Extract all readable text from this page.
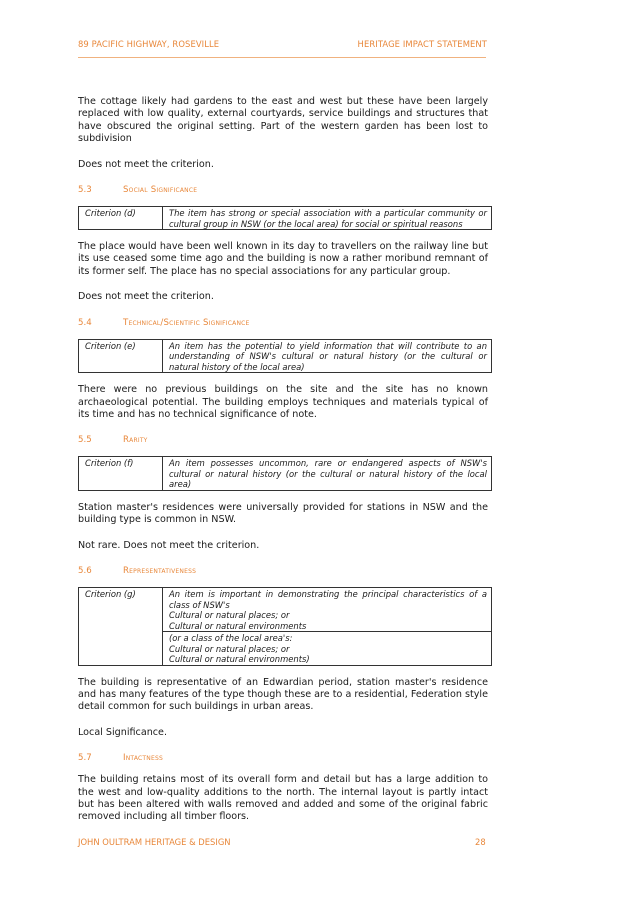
89 PACIFIC HIGHWAY, ROSEVILLE	HERITAGE IMPACT STATEMENT

The cottage likely had gardens to the east and west but these have been largely replaced with low quality, external courtyards, service buildings and structures that have obscured the original setting. Part of the western garden has been lost to subdivision

Does not meet the criterion.

5.3	Social Significance
Criterion (d)	The item has strong or special association with a particular community or cultural group in NSW (or the local area) for social or spiritual reasons

The place would have been well known in its day to travellers on the railway line but its use ceased some time ago and the building is now a rather moribund remnant of its former self. The place has no special associations for any particular group.

Does not meet the criterion.

5.4	Technical/Scientific Significance
Criterion (e)	An item has the potential to yield information that will contribute to an understanding of NSW's cultural or natural history (or the cultural or natural history of the local area)

There were no previous buildings on the site and the site has no known archaeological potential. The building employs techniques and materials typical of its time and has no technical significance of note.

5.5	Rarity
Criterion (f)	An item possesses uncommon, rare or endangered aspects of NSW's cultural or natural history (or the cultural or natural history of the local area)

Station master's residences were universally provided for stations in NSW and the building type is common in NSW.

Not rare. Does not meet the criterion.

5.6	Representativeness
Criterion (g)	An item is important in demonstrating the principal characteristics of a class of NSW's
Cultural or natural places; or
Cultural or natural environments

(or a class of the local area's:
Cultural or natural places; or
Cultural or natural environments)

The building is representative of an Edwardian period, station master's residence and has many features of the type though these are to a residential, Federation style detail common for such buildings in urban areas.

Local Significance.

5.7	Intactness

The building retains most of its overall form and detail but has a large addition to the west and low-quality additions to the north. The internal layout is partly intact but has been altered with walls removed and added and some of the original fabric removed including all timber floors.

JOHN OULTRAM HERITAGE & DESIGN	28
